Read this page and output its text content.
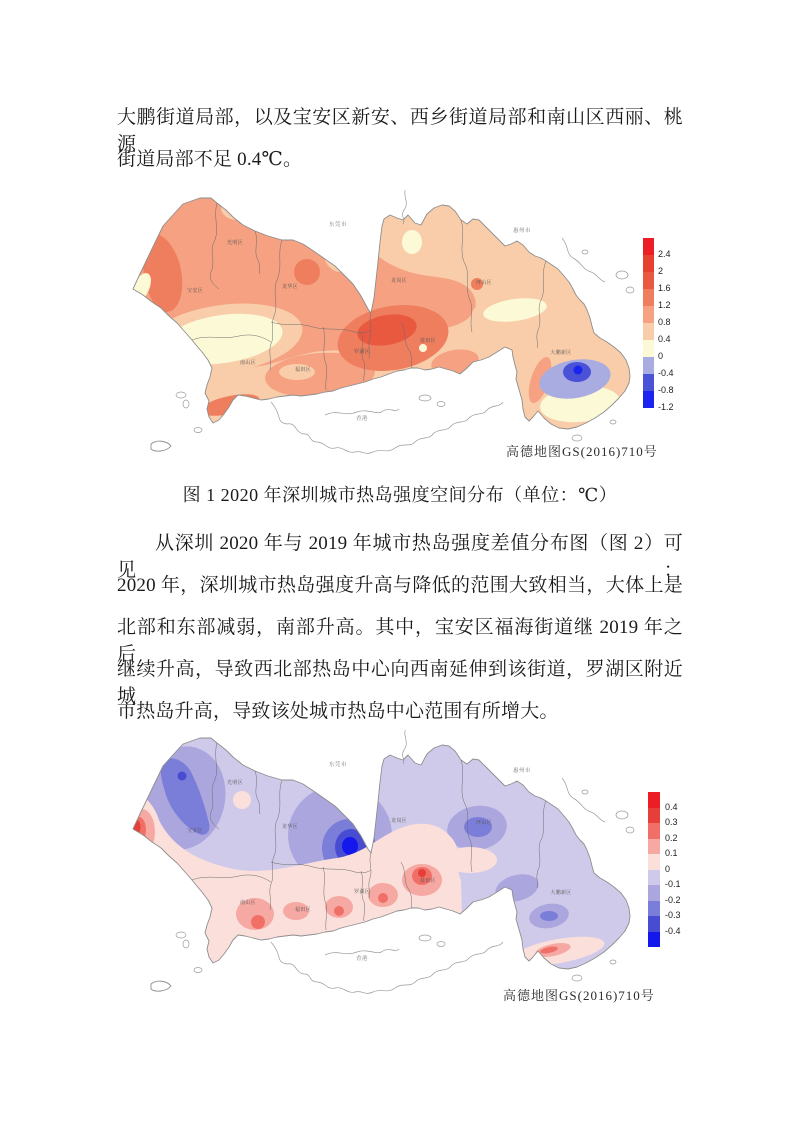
大鹏街道局部，以及宝安区新安、西乡街道局部和南山区西丽、桃源
街道局部不足 0.4℃。
东莞市
惠州市
香港
光明区
宝安区
龙华区
龙岗区	坪山区
南山区
福田区
罗湖区
盐田区
大鹏新区
2.4
2
1.6
1.2
0.8
0.4
0
-0.4
-0.8
-1.2
高德地图GS(2016)710号
图 1 2020 年深圳城市热岛强度空间分布（单位：℃）
从深圳 2020 年与 2019 年城市热岛强度差值分布图（图 2）可见：
2020 年，深圳城市热岛强度升高与降低的范围大致相当，大体上是
北部和东部减弱，南部升高。其中，宝安区福海街道继 2019 年之后
继续升高，导致西北部热岛中心向西南延伸到该街道，罗湖区附近城
市热岛升高，导致该处城市热岛中心范围有所增大。
东莞市
惠州市
香港
光明区
宝安区
龙华区
龙岗区	坪山区
南山区
福田区
罗湖区
盐田区
大鹏新区
0.4
0.3
0.2
0.1
0
-0.1
-0.2
-0.3
-0.4
高德地图GS(2016)710号
